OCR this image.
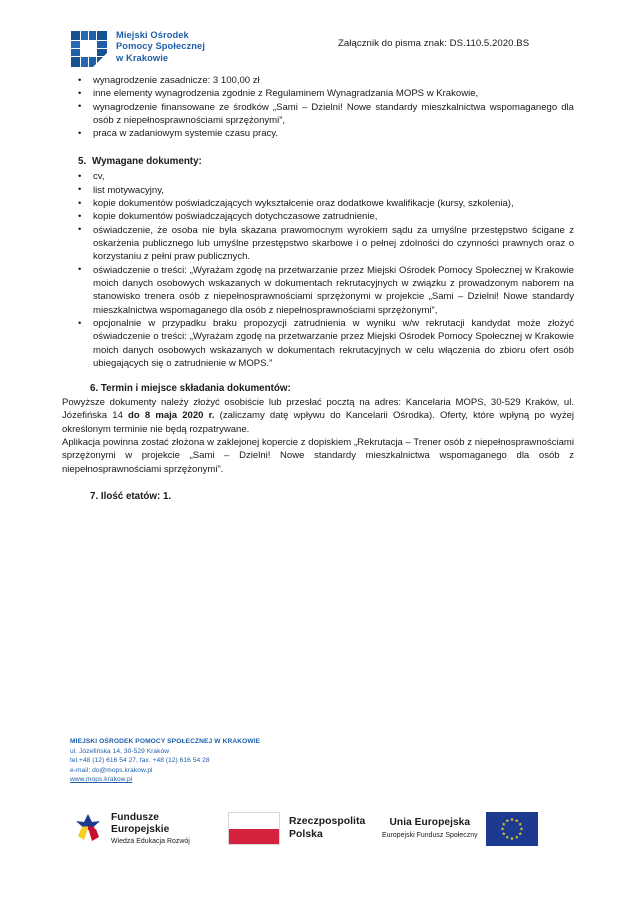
Miejski Ośrodek
Pomocy Społecznej
w Krakowie
Załącznik do pisma znak: DS.110.5.2020.BS
• wynagrodzenie zasadnicze: 3 100,00 zł
• inne elementy wynagrodzenia zgodnie z Regulaminem Wynagradzania MOPS w Krakowie,
• wynagrodzenie finansowane ze środków „Sami – Dzielni! Nowe standardy mieszkalnictwa wspomaganego dla osób z niepełnosprawnościami sprzężonymi”,
• praca w zadaniowym systemie czasu pracy.
5. Wymagane dokumenty:
• cv,
• list motywacyjny,
• kopie dokumentów poświadczających wykształcenie oraz dodatkowe kwalifikacje (kursy, szkolenia),
• kopie dokumentów poświadczających dotychczasowe zatrudnienie,
• oświadczenie, że osoba nie była skazana prawomocnym wyrokiem sądu za umyślne przestępstwo ścigane z oskarżenia publicznego lub umyślne przestępstwo skarbowe i o pełnej zdolności do czynności prawnych oraz o korzystaniu z pełni praw publicznych.
• oświadczenie o treści: „Wyrażam zgodę na przetwarzanie przez Miejski Ośrodek Pomocy Społecznej w Krakowie moich danych osobowych wskazanych w dokumentach rekrutacyjnych w związku z prowadzonym naborem na stanowisko trenera osób z niepełnosprawnościami sprzężonymi w projekcie „Sami – Dzielni! Nowe standardy mieszkalnictwa wspomaganego dla osób z niepełnosprawnościami sprzężonymi”,
• opcjonalnie w przypadku braku propozycji zatrudnienia w wyniku w/w rekrutacji kandydat może złożyć oświadczenie o treści: „Wyrażam zgodę na przetwarzanie przez Miejski Ośrodek Pomocy Społecznej w Krakowie moich danych osobowych wskazanych w dokumentach rekrutacyjnych w celu włączenia do zbioru ofert osób ubiegających się o zatrudnienie w MOPS.”
6. Termin i miejsce składania dokumentów:

Powyższe dokumenty należy złożyć osobiście lub przesłać pocztą na adres: Kancelaria MOPS, 30-529 Kraków, ul. Józefińska 14 do 8 maja 2020 r. (zaliczamy datę wpływu do Kancelarii Ośrodka). Oferty, które wpłyną po wyżej określonym terminie nie będą rozpatrywane.

Aplikacja powinna zostać złożona w zaklejonej kopercie z dopiskiem „Rekrutacja – Trener osób z niepełnosprawnościami sprzężonymi w projekcie „Sami – Dzielni! Nowe standardy mieszkalnictwa wspomaganego dla osób z niepełnosprawnościami sprzężonymi”.

7. Ilość etatów: 1.
MIEJSKI OŚRODEK POMOCY SPOŁECZNEJ W KRAKOWIE
ul. Józefińska 14, 30-529 Kraków
tel.+48 (12) 616 54 27, fax. +48 (12) 616 54 28
e-mail: do@mops.krakow.pl
www.mops.krakow.pl
Fundusze
Europejskie
Wiedza Edukacja Rozwój
Rzeczpospolita
Polska
Unia Europejska
Europejski Fundusz Społeczny
